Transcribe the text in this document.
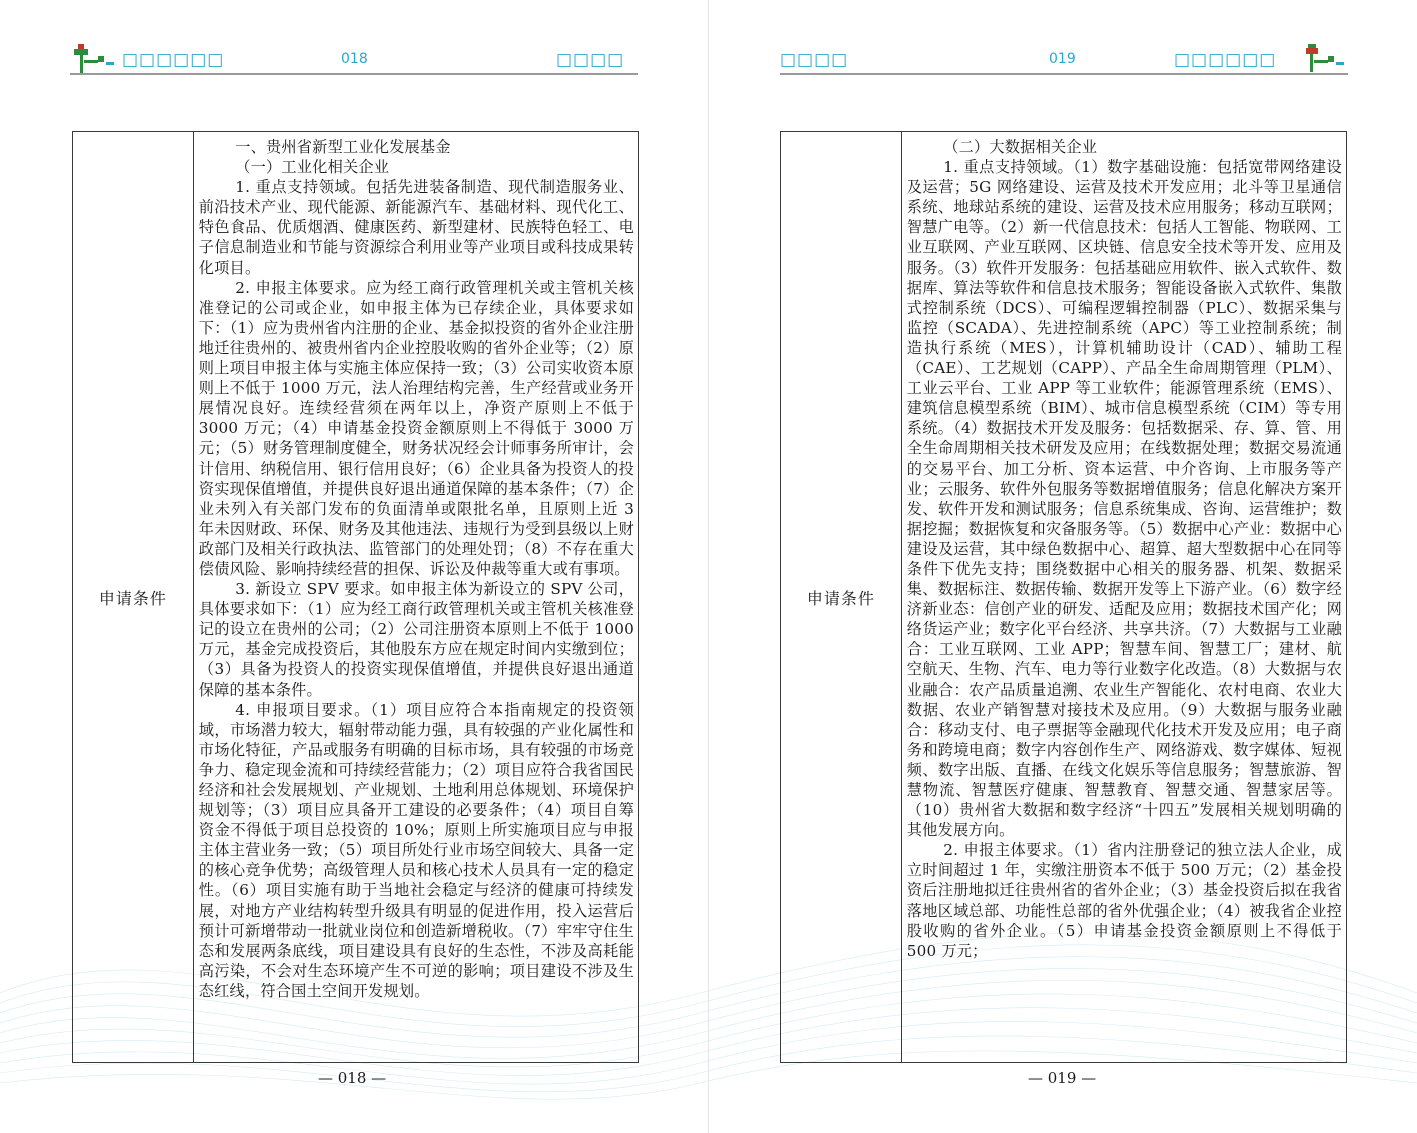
□□□□□□	018	□□□□	□□□□	019	□□□□□□
申请条件

一、贵州省新型工业化发展基金

（一）工业化相关企业

1. 重点支持领域。包括先进装备制造、现代制造服务业、前沿技术产业、现代能源、新能源汽车、基础材料、现代化工、特色食品、优质烟酒、健康医药、新型建材、民族特色轻工、电子信息制造业和节能与资源综合利用业等产业项目或科技成果转化项目。

2. 申报主体要求。应为经工商行政管理机关或主管机关核准登记的公司或企业，如申报主体为已存续企业，具体要求如下：（1）应为贵州省内注册的企业、基金拟投资的省外企业注册地迁往贵州的、被贵州省内企业控股收购的省外企业等；（2）原则上项目申报主体与实施主体应保持一致；（3）公司实收资本原则上不低于 1000 万元，法人治理结构完善，生产经营或业务开展情况良好。连续经营须在两年以上，净资产原则上不低于 3000 万元；（4）申请基金投资金额原则上不得低于 3000 万元；（5）财务管理制度健全，财务状况经会计师事务所审计，会计信用、纳税信用、银行信用良好；（6）企业具备为投资人的投资实现保值增值，并提供良好退出通道保障的基本条件；（7）企业未列入有关部门发布的负面清单或限批名单，且原则上近 3 年未因财政、环保、财务及其他违法、违规行为受到县级以上财政部门及相关行政执法、监管部门的处理处罚；（8）不存在重大偿债风险、影响持续经营的担保、诉讼及仲裁等重大或有事项。

3. 新设立 SPV 要求。如申报主体为新设立的 SPV 公司，具体要求如下：（1）应为经工商行政管理机关或主管机关核准登记的设立在贵州的公司；（2）公司注册资本原则上不低于 1000 万元，基金完成投资后，其他股东方应在规定时间内实缴到位；（3）具备为投资人的投资实现保值增值，并提供良好退出通道保障的基本条件。

4. 申报项目要求。（1）项目应符合本指南规定的投资领域，市场潜力较大，辐射带动能力强，具有较强的产业化属性和市场化特征，产品或服务有明确的目标市场，具有较强的市场竞争力、稳定现金流和可持续经营能力；（2）项目应符合我省国民经济和社会发展规划、产业规划、土地利用总体规划、环境保护规划等；（3）项目应具备开工建设的必要条件；（4）项目自筹资金不得低于项目总投资的 10%；原则上所实施项目应与申报主体主营业务一致；（5）项目所处行业市场空间较大、具备一定的核心竞争优势；高级管理人员和核心技术人员具有一定的稳定性。（6）项目实施有助于当地社会稳定与经济的健康可持续发展，对地方产业结构转型升级具有明显的促进作用，投入运营后预计可新增带动一批就业岗位和创造新增税收。（7）牢牢守住生态和发展两条底线，项目建设具有良好的生态性，不涉及高耗能高污染，不会对生态环境产生不可逆的影响；项目建设不涉及生态红线，符合国土空间开发规划。

— 018 —
申请条件

（二）大数据相关企业

1. 重点支持领域。（1）数字基础设施：包括宽带网络建设及运营；5G 网络建设、运营及技术开发应用；北斗等卫星通信系统、地球站系统的建设、运营及技术应用服务；移动互联网；智慧广电等。（2）新一代信息技术：包括人工智能、物联网、工业互联网、产业互联网、区块链、信息安全技术等开发、应用及服务。（3）软件开发服务：包括基础应用软件、嵌入式软件、数据库、算法等软件和信息技术服务；智能设备嵌入式软件、集散式控制系统（DCS）、可编程逻辑控制器（PLC）、数据采集与监控（SCADA）、先进控制系统（APC）等工业控制系统；制造执行系统（MES），计算机辅助设计（CAD）、辅助工程（CAE）、工艺规划（CAPP）、产品全生命周期管理（PLM）、工业云平台、工业 APP 等工业软件；能源管理系统（EMS）、建筑信息模型系统（BIM）、城市信息模型系统（CIM）等专用系统。（4）数据技术开发及服务：包括数据采、存、算、管、用全生命周期相关技术研发及应用；在线数据处理；数据交易流通的交易平台、加工分析、资本运营、中介咨询、上市服务等产业；云服务、软件外包服务等数据增值服务；信息化解决方案开发、软件开发和测试服务；信息系统集成、咨询、运营维护；数据挖掘；数据恢复和灾备服务等。（5）数据中心产业：数据中心建设及运营，其中绿色数据中心、超算、超大型数据中心在同等条件下优先支持；围绕数据中心相关的服务器、机架、数据采集、数据标注、数据传输、数据开发等上下游产业。（6）数字经济新业态：信创产业的研发、适配及应用；数据技术国产化；网络货运产业；数字化平台经济、共享共济。（7）大数据与工业融合：工业互联网、工业 APP；智慧车间、智慧工厂；建材、航空航天、生物、汽车、电力等行业数字化改造。（8）大数据与农业融合：农产品质量追溯、农业生产智能化、农村电商、农业大数据、农业产销智慧对接技术及应用。（9）大数据与服务业融合：移动支付、电子票据等金融现代化技术开发及应用；电子商务和跨境电商；数字内容创作生产、网络游戏、数字媒体、短视频、数字出版、直播、在线文化娱乐等信息服务；智慧旅游、智慧物流、智慧医疗健康、智慧教育、智慧交通、智慧家居等。（10）贵州省大数据和数字经济“十四五”发展相关规划明确的其他发展方向。

2. 申报主体要求。（1）省内注册登记的独立法人企业，成立时间超过 1 年，实缴注册资本不低于 500 万元；（2）基金投资后注册地拟迁往贵州省的省外企业；（3）基金投资后拟在我省落地区域总部、功能性总部的省外优强企业；（4）被我省企业控股收购的省外企业。（5）申请基金投资金额原则上不得低于 500 万元；

— 019 —
